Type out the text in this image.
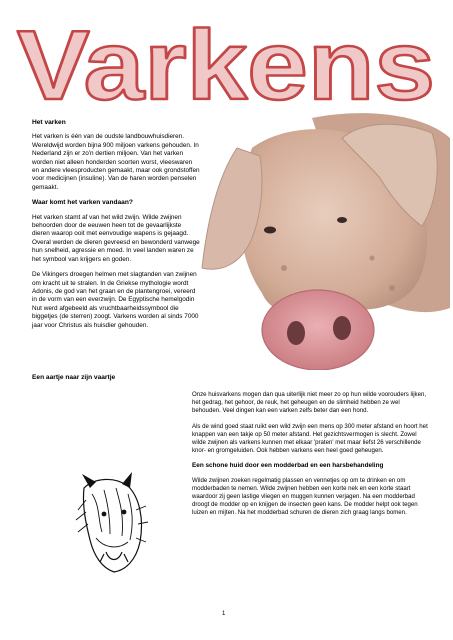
Varkens
Het varken

Het varken is één van de oudste landbouwhuisdieren. Wereldwijd worden bijna 900 miljoen varkens gehouden. In Nederland zijn er zo'n dertien miljoen. Van het varken worden niet alleen honderden soorten worst, vleeswaren en andere vleesproducten gemaakt, maar ook grondstoffen voor medicijnen (insuline). Van de haren worden penselen gemaakt.

Waar komt het varken vandaan?

Het varken stamt af van het wild zwijn. Wilde zwijnen behoorden door de eeuwen heen tot de gevaarlijkste dieren waarop ooit met eenvoudige wapens is gejaagd. Overal werden de dieren gevreesd en bewonderd vanwege hun snelheid, agressie en moed. In veel landen waren ze het symbool van krijgers en goden.

De Vikingers droegen helmen met slagtanden van zwijnen om kracht uit te stralen. In de Griekse mythologie wordt Adonis, de god van het graan en de plantengroei, vereerd in de vorm van een everzwijn. De Egyptische hemelgodin Nut werd afgebeeld als vruchtbaarheidssymbool die biggetjes (de sterren) zoogt. Varkens worden al sinds 7000 jaar voor Christus als huisdier gehouden.

Een aartje naar zijn vaartje

Onze huisvarkens mogen dan qua uiterlijk niet meer zo op hun wilde voorouders lijken, het gedrag, het gehoor, de reuk, het geheugen en de slimheid hebben ze wel behouden. Veel dingen kan een varken zelfs beter dan een hond.

Als de wind goed staat ruikt een wild zwijn een mens op 300 meter afstand en hoort het knappen van een takje op 50 meter afstand. Het gezichtsvermogen is slecht. Zowel wilde zwijnen als varkens kunnen met elkaar 'praten' met maar liefst 26 verschillende knor- en gromgeluiden. Ook hebben varkens een heel goed geheugen.

Een schone huid door een modderbad en een harsbehandeling

Wilde zwijnen zoeken regelmatig plassen en vennetjes op om te drinken en om modderbaden te nemen. Wilde zwijnen hebben een korte nek en een korte staart waardoor zij geen lastige vliegen en muggen kunnen verjagen. Na een modderbad droogt de modder op en knijgen de insecten geen kans. De modder helpt ook tegen luizen en mijten. Na het modderbad schuren de dieren zich graag langs bomen.

1
